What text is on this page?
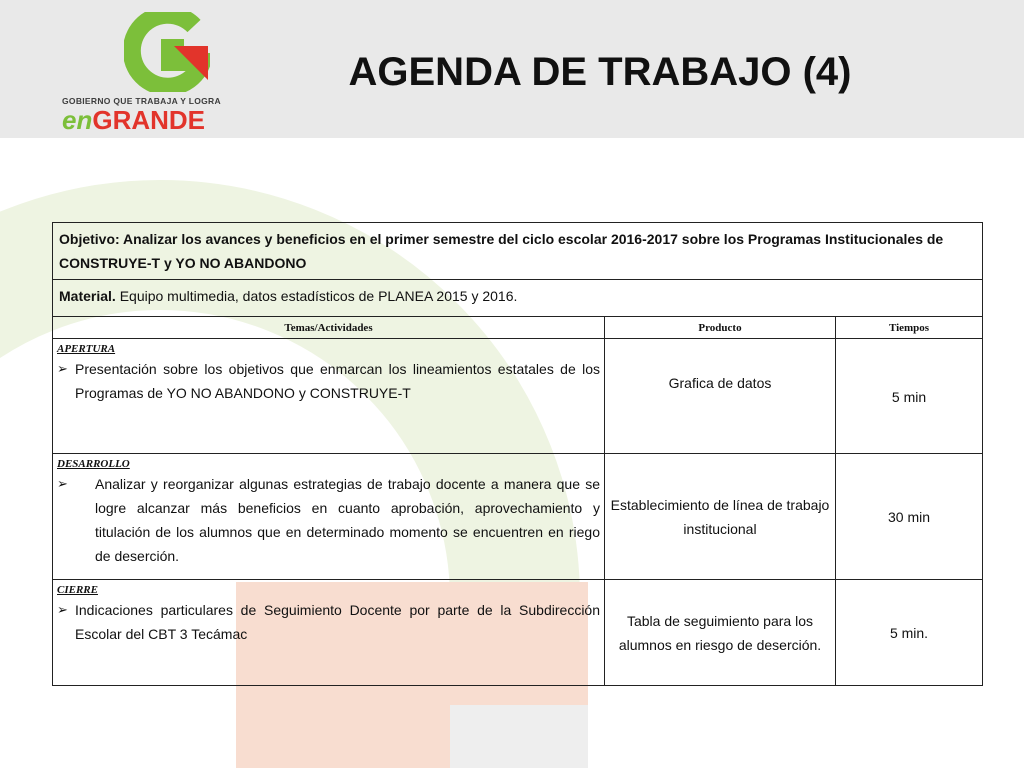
GOBIERNO QUE TRABAJA Y LOGRA
enGRANDE
AGENDA DE TRABAJO (4)
Objetivo: Analizar los avances y beneficios en el primer semestre del ciclo escolar 2016-2017 sobre los Programas Institucionales de CONSTRUYE-T y YO NO ABANDONO		
Material. Equipo multimedia, datos estadísticos de PLANEA 2015 y 2016.		
Temas/Actividades	Producto	Tiempos

APERTURA
➢ Presentación sobre los objetivos que enmarcan los lineamientos estatales de los Programas de YO NO ABANDONO y CONSTRUYE-T	Grafica de datos	5 min

DESARROLLO
➢ Analizar y reorganizar algunas estrategias de trabajo docente a manera que se logre alcanzar más beneficios en cuanto aprobación, aprovechamiento y titulación de los alumnos que en determinado momento se encuentren en riego de deserción.	Establecimiento de línea de trabajo institucional	30 min

CIERRE
➢ Indicaciones particulares de Seguimiento Docente por parte de la Subdirección Escolar del CBT 3 Tecámac	Tabla de seguimiento para los alumnos en riesgo de deserción.	5 min.
